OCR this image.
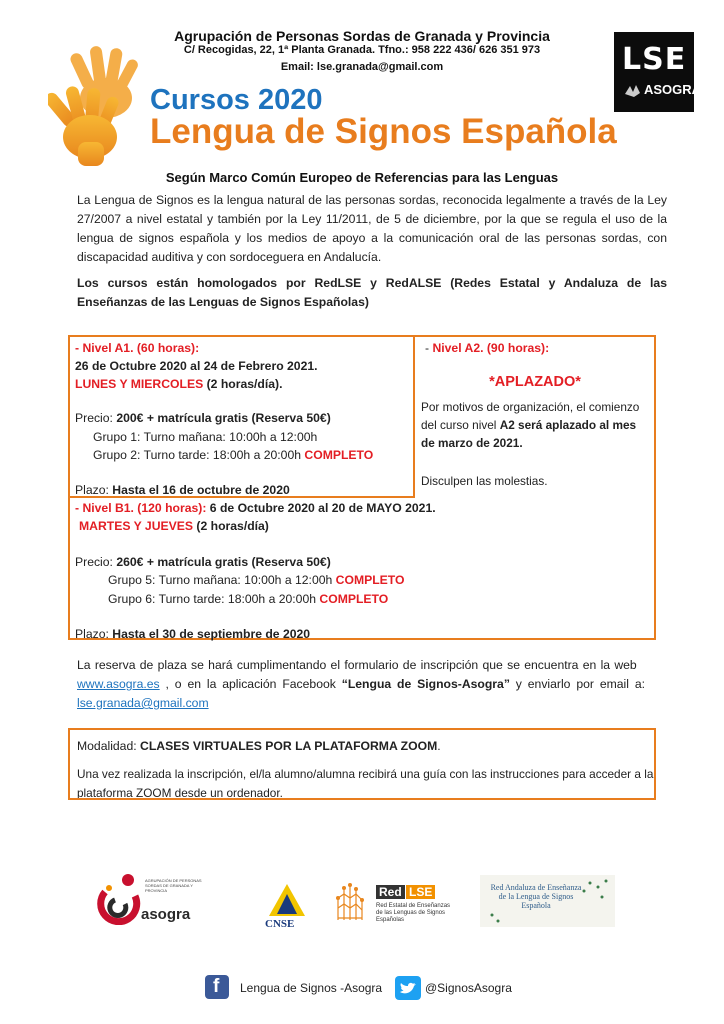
Agrupación de Personas Sordas de Granada y Provincia
C/ Recogidas, 22, 1ª Planta Granada. Tfno.: 958 222 436/ 626 351 973
Email: lse.granada@gmail.com	LSE
ASOGRA
Cursos 2020
Lengua de Signos Española
Según Marco Común Europeo de Referencias para las Lenguas
La Lengua de Signos es la lengua natural de las personas sordas, reconocida legalmente a través de la Ley 27/2007 a nivel estatal y también por la Ley 11/2011, de 5 de diciembre, por la que se regula el uso de la lengua de signos española y los medios de apoyo a la comunicación oral de las personas sordas, con discapacidad auditiva y con sordoceguera en Andalucía.
Los cursos están homologados por RedLSE y RedALSE (Redes Estatal y Andaluza de las Enseñanzas de las Lenguas de Signos Españolas)
- Nivel A1. (60 horas):
26 de Octubre 2020 al 24 de Febrero 2021.
LUNES Y MIERCOLES (2 horas/día).
Precio: 200€ + matrícula gratis (Reserva 50€)
Grupo 1: Turno mañana: 10:00h a 12:00h
Grupo 2: Turno tarde: 18:00h a 20:00h COMPLETO
Plazo: Hasta el 16 de octubre de 2020
- Nivel A2. (90 horas):
*APLAZADO*
Por motivos de organización, el comienzo
del curso nivel A2 será aplazado al mes
de marzo de 2021.
Disculpen las molestias.
- Nivel B1. (120 horas): 6 de Octubre 2020 al 20 de MAYO 2021.
MARTES Y JUEVES (2 horas/día)
Precio: 260€ + matrícula gratis (Reserva 50€)
Grupo 5: Turno mañana: 10:00h a 12:00h COMPLETO
Grupo 6: Turno tarde: 18:00h a 20:00h COMPLETO
Plazo: Hasta el 30 de septiembre de 2020
La reserva de plaza se hará cumplimentando el formulario de inscripción que se encuentra en la web www.asogra.es , o en la aplicación Facebook “Lengua de Signos-Asogra” y enviarlo por email a: lse.granada@gmail.com
Modalidad: CLASES VIRTUALES POR LA PLATAFORMA ZOOM.
Una vez realizada la inscripción, el/la alumno/alumna recibirá una guía con las instrucciones para acceder a la
plataforma ZOOM desde un ordenador.
AGRUPACIÓN DE PERSONAS SORDAS DE GRANADA Y PROVINCIA
asogra
CNSE
Red LSE
Red Estatal de Enseñanzas de las Lenguas de Signos Españolas
Red Andaluza de Enseñanza de la Lengua de Signos Española
f Lengua de Signos -Asogra	@SignosAsogra
